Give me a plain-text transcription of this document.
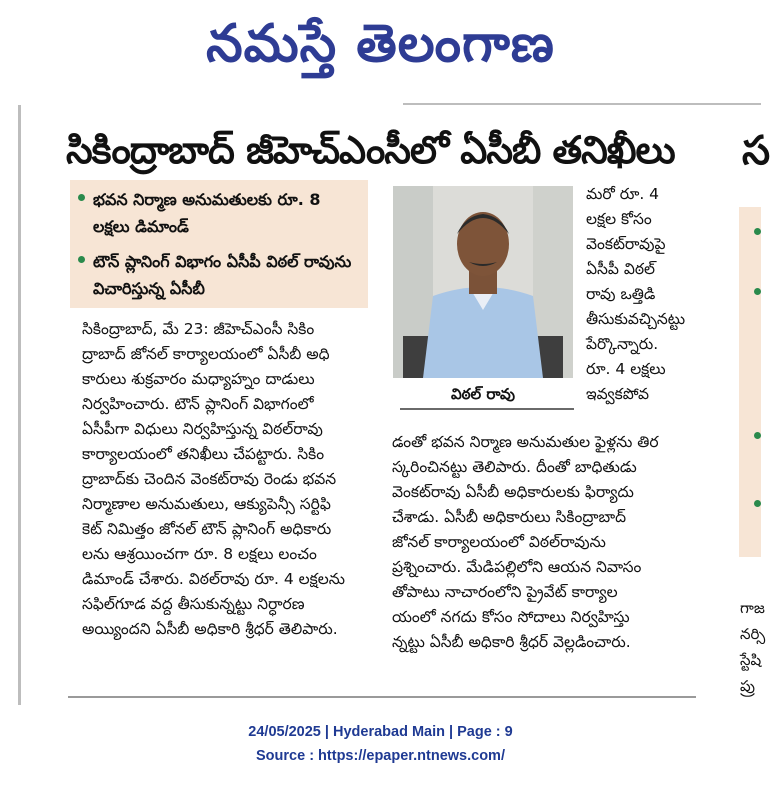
నమస్తే తెలంగాణ
సికింద్రాబాద్ జీహెచ్ఎంసీలో ఏసీబీ తనిఖీలు
భవన నిర్మాణ అనుమతులకు రూ. 8 లక్షలు డిమాండ్
టౌన్ ప్లానింగ్ విభాగం ఏసీపీ విఠల్ రావును విచారిస్తున్న ఏసీబీ
విఠల్ రావు
సికింద్రాబాద్, మే 23: జీహెచ్ఎంసీ సికిం
ద్రాబాద్ జోనల్ కార్యాలయంలో ఏసీబీ అధి
కారులు శుక్రవారం మధ్యాహ్నం దాడులు
నిర్వహించారు. టౌన్ ప్లానింగ్ విభాగంలో
ఏసీపీగా విధులు నిర్వహిస్తున్న విఠల్‌రావు
కార్యాలయంలో తనిఖీలు చేపట్టారు. సికిం
ద్రాబాద్‌కు చెందిన వెంకట్‌రావు రెండు భవన
నిర్మాణాల అనుమతులు, ఆక్యుపెన్సీ సర్టిఫి
కెట్ నిమిత్తం జోనల్ టౌన్ ప్లానింగ్ అధికారు
లను ఆశ్రయించగా రూ. 8 లక్షలు లంచం
డిమాండ్ చేశారు. విఠల్‌రావు రూ. 4 లక్షలను
సఫిల్‌గూడ వద్ద తీసుకున్నట్టు నిర్ధారణ
అయ్యిందని ఏసీబీ అధికారి శ్రీధర్ తెలిపారు.
మరో రూ. 4
లక్షల కోసం
వెంకట్‌రావుపై
ఏసీపీ విఠల్
రావు ఒత్తిడి
తీసుకువచ్చినట్టు
పేర్కొన్నారు.
రూ. 4 లక్షలు
ఇవ్వకపోవ
డంతో భవన నిర్మాణ అనుమతుల ఫైళ్లను తిర
స్కరించినట్టు తెలిపారు. దీంతో బాధితుడు
వెంకట్‌రావు ఏసీబీ అధికారులకు ఫిర్యాదు
చేశాడు. ఏసీబీ అధికారులు సికింద్రాబాద్
జోనల్ కార్యాలయంలో విఠల్‌రావును
ప్రశ్నించారు. మేడిపల్లిలోని ఆయన నివాసం
తోపాటు నాచారంలోని ప్రైవేట్ కార్యాల
యంలో నగదు కోసం సోదాలు నిర్వహిస్తు
న్నట్టు ఏసీబీ అధికారి శ్రీధర్ వెల్లడించారు.
స
గాజ
నర్సి
స్టేషి
ప్రు
24/05/2025 | Hyderabad Main | Page : 9
Source : https://epaper.ntnews.com/
